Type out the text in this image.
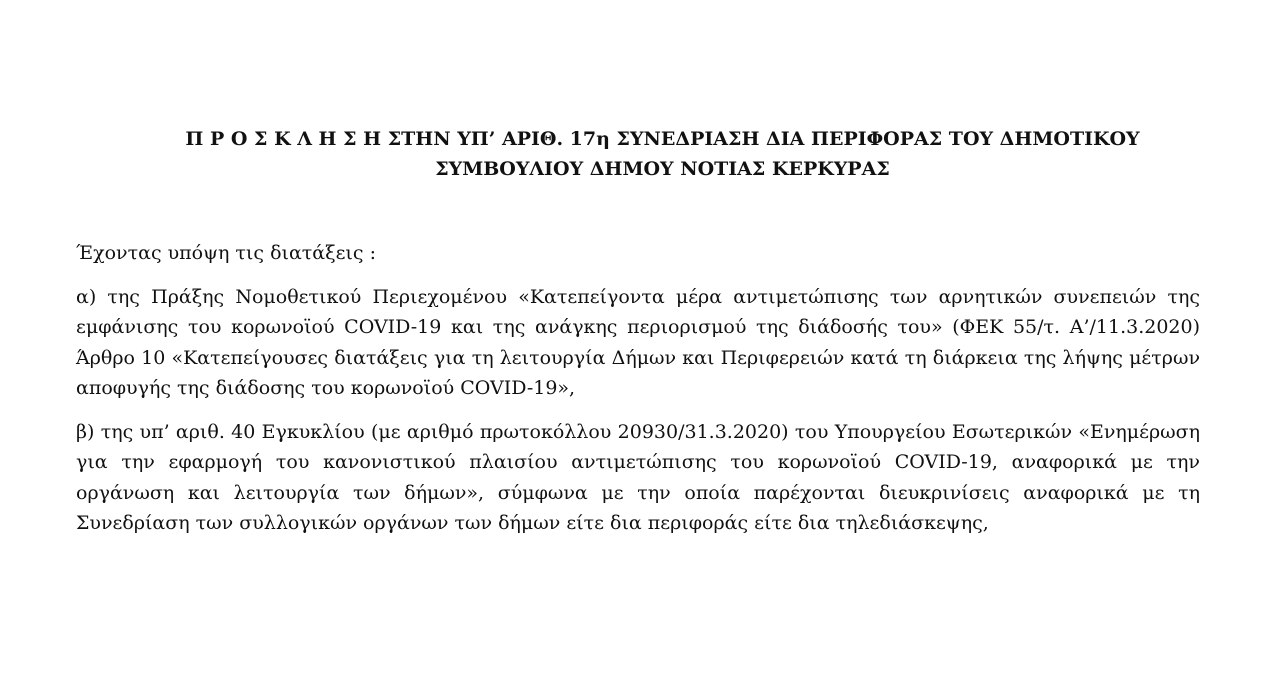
Π Ρ Ο Σ Κ Λ Η Σ Η ΣΤΗΝ ΥΠ’ ΑΡΙΘ. 17η ΣΥΝΕΔΡΙΑΣΗ ΔΙΑ ΠΕΡΙΦΟΡΑΣ ΤΟΥ ΔΗΜΟΤΙΚΟΥ
ΣΥΜΒΟΥΛΙΟΥ ΔΗΜΟΥ ΝΟΤΙΑΣ ΚΕΡΚΥΡΑΣ

Έχοντας υπόψη τις διατάξεις :

α) της Πράξης Νομοθετικού Περιεχομένου «Κατεπείγοντα μέρα αντιμετώπισης των αρνητικών συνεπειών της εμφάνισης του κορωνοϊού COVID-19 και της ανάγκης περιορισμού της διάδοσής του» (ΦΕΚ 55/τ. Α’/11.3.2020) Άρθρο 10 «Κατεπείγουσες διατάξεις για τη λειτουργία Δήμων και Περιφερειών κατά τη διάρκεια της λήψης μέτρων αποφυγής της διάδοσης του κορωνοϊού COVID-19»,

β) της υπ’ αριθ. 40 Εγκυκλίου (με αριθμό πρωτοκόλλου 20930/31.3.2020) του Υπουργείου Εσωτερικών «Ενημέρωση για την εφαρμογή του κανονιστικού πλαισίου αντιμετώπισης του κορωνοϊού COVID-19, αναφορικά με την οργάνωση και λειτουργία των δήμων», σύμφωνα με την οποία παρέχονται διευκρινίσεις αναφορικά με τη Συνεδρίαση των συλλογικών οργάνων των δήμων είτε δια περιφοράς είτε δια τηλεδιάσκεψης,
